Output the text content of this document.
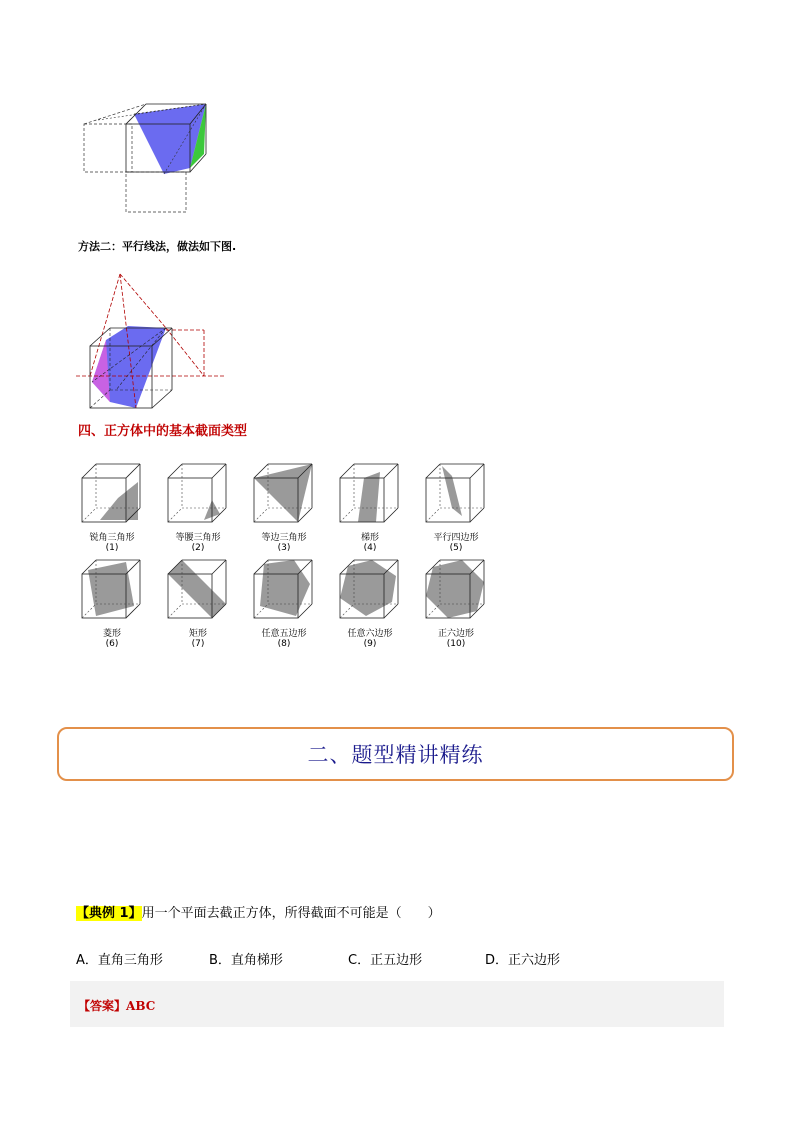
方法二：平行线法，做法如下图.
四、正方体中的基本截面类型
锐角三角形
(1)
等腰三角形
(2)
等边三角形
(3)
梯形
(4)
平行四边形
(5)
菱形
(6)
矩形
(7)
任意五边形
(8)
任意六边形
(9)
正六边形
(10)
二、题型精讲精练
【典例 1】用一个平面去截正方体，所得截面不可能是（　　）
A．直角三角形	B．直角梯形	C．正五边形	D．正六边形
【答案】ABC
